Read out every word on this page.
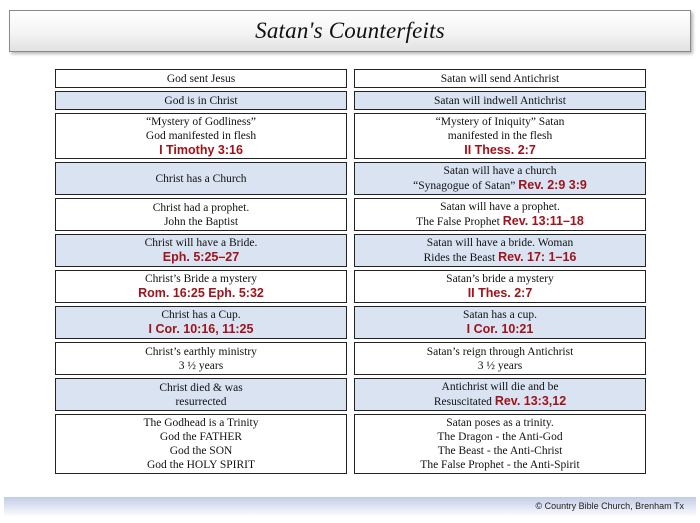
Satan's Counterfeits
God sent Jesus	Satan will send Antichrist
God is in Christ	Satan will indwell Antichrist
“Mystery of Godliness”
God manifested in flesh
I Timothy 3:16
“Mystery of Iniquity” Satan
manifested in the flesh
II Thess. 2:7
Christ has a Church
Satan will have a church
“Synagogue of Satan” Rev. 2:9 3:9
Christ had a prophet.
John the Baptist
Satan will have a prophet.
The False Prophet Rev. 13:11–18
Christ will have a Bride.
Eph. 5:25–27
Satan will have a bride. Woman
Rides the Beast Rev. 17: 1–16
Christ’s Bride a mystery
Rom. 16:25 Eph. 5:32
Satan’s bride a mystery
II Thes. 2:7
Christ has a Cup.
I Cor. 10:16, 11:25
Satan has a cup.
I Cor. 10:21
Christ’s earthly ministry
3 ½ years
Satan’s reign through Antichrist
3 ½ years
Christ died & was
resurrected
Antichrist will die and be
Resuscitated Rev. 13:3,12
The Godhead is a Trinity
God the FATHER
God the SON
God the HOLY SPIRIT
Satan poses as a trinity.
The Dragon - the Anti-God
The Beast - the Anti-Christ
The False Prophet - the Anti-Spirit
© Country Bible Church, Brenham Tx
